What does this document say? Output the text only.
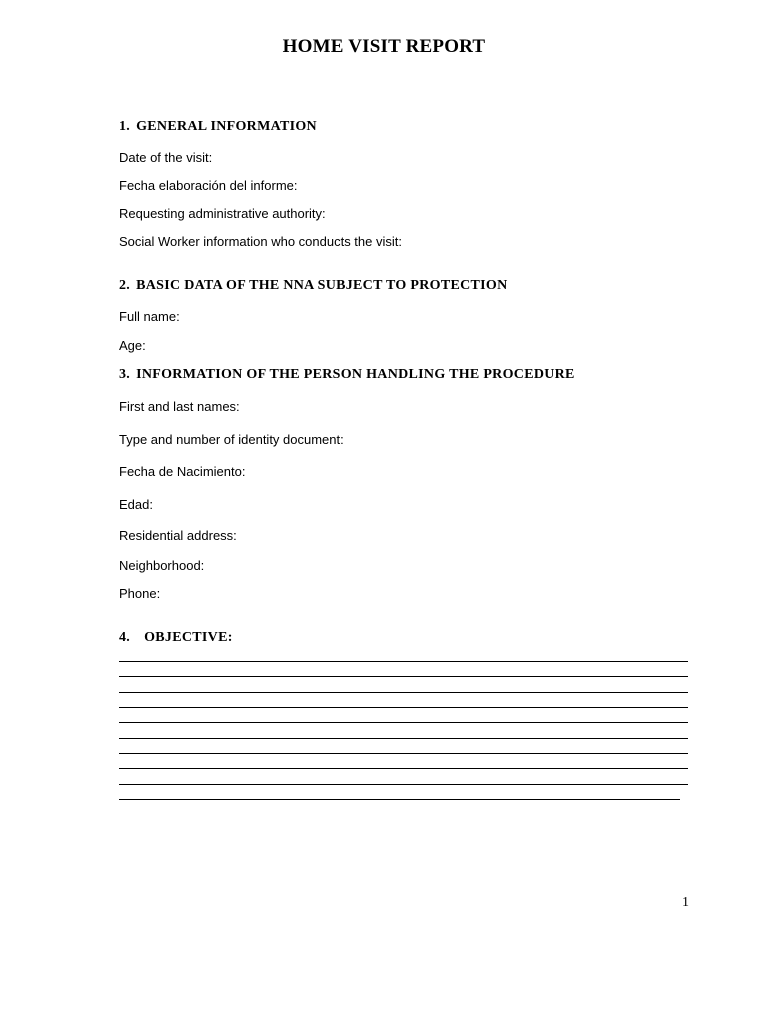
HOME VISIT REPORT
1. GENERAL INFORMATION
Date of the visit:
Fecha elaboración del informe:
Requesting administrative authority:
Social Worker information who conducts the visit:
2. BASIC DATA OF THE NNA SUBJECT TO PROTECTION
Full name:
Age:
3. INFORMATION OF THE PERSON HANDLING THE PROCEDURE
First and last names:
Type and number of identity document:
Fecha de Nacimiento:
Edad:
Residential address:
Neighborhood:
Phone:
4. OBJECTIVE:
1
